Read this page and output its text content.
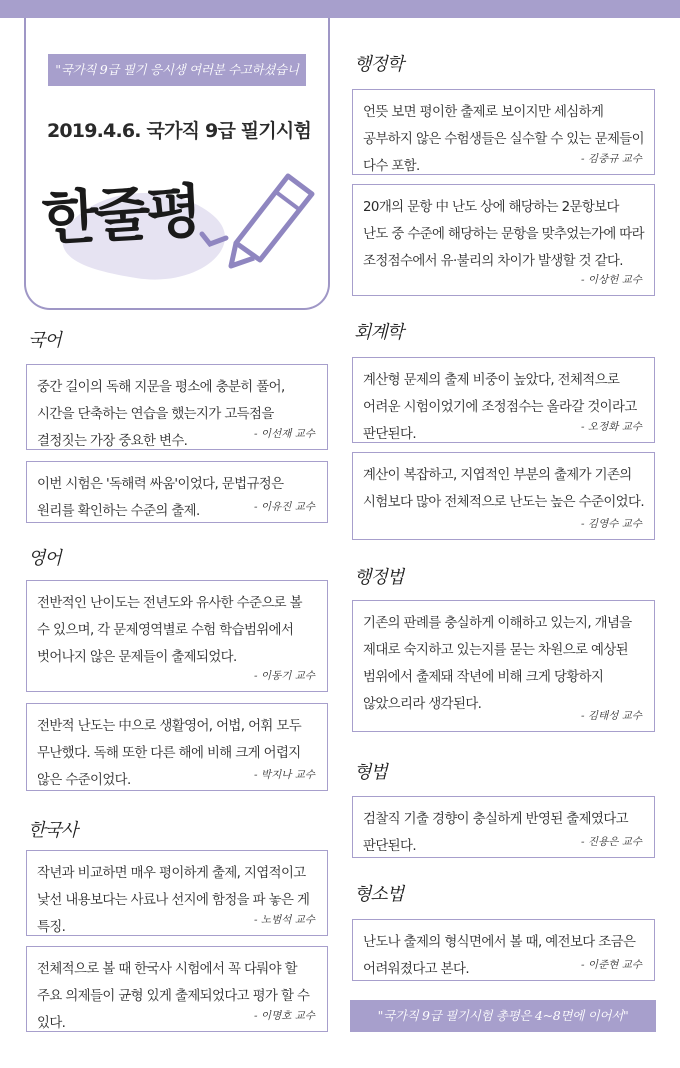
"국가직 9급 필기 응시생 여러분 수고하셨습니다!"
2019.4.6. 국가직 9급 필기시험
한줄평
국어
중간 길이의 독해 지문을 평소에 충분히 풀어, 시간을 단축하는 연습을 했는지가 고득점을 결정짓는 가장 중요한 변수.	- 이선재 교수
이번 시험은 '독해력 싸움'이었다, 문법규정은 원리를 확인하는 수준의 출제.	- 이유진 교수
영어
전반적인 난이도는 전년도와 유사한 수준으로 볼 수 있으며, 각 문제영역별로 수험 학습범위에서 벗어나지 않은 문제들이 출제되었다.
- 이동기 교수
전반적 난도는 中으로 생활영어, 어법, 어휘 모두 무난했다. 독해 또한 다른 해에 비해 크게 어렵지 않은 수준이었다.	- 박지나 교수
한국사
작년과 비교하면 매우 평이하게 출제, 지엽적이고 낯선 내용보다는 사료나 선지에 함정을 파 놓은 게 특징.	- 노범석 교수
전체적으로 볼 때 한국사 시험에서 꼭 다뤄야 할 주요 의제들이 균형 있게 출제되었다고 평가 할 수 있다.	- 이명호 교수
행정학
언뜻 보면 평이한 출제로 보이지만 세심하게 공부하지 않은 수험생들은 실수할 수 있는 문제들이 다수 포함.	- 김중규 교수
20개의 문항 中 난도 상에 해당하는 2문항보다 난도 중 수준에 해당하는 문항을 맞추었는가에 따라 조정점수에서 유·불리의 차이가 발생할 것 같다.
- 이상헌 교수
회계학
계산형 문제의 출제 비중이 높았다, 전체적으로 어려운 시험이었기에 조정점수는 올라갈 것이라고 판단된다.	- 오정화 교수
계산이 복잡하고, 지엽적인 부분의 출제가 기존의 시험보다 많아 전체적으로 난도는 높은 수준이었다.
- 김영수 교수
행정법
기존의 판례를 충실하게 이해하고 있는지, 개념을 제대로 숙지하고 있는지를 묻는 차원으로 예상된 범위에서 출제돼 작년에 비해 크게 당황하지 않았으리라 생각된다.
- 김태성 교수
형법
검찰직 기출 경향이 충실하게 반영된 출제였다고 판단된다.	- 진용은 교수
형소법
난도나 출제의 형식면에서 볼 때, 예전보다 조금은 어려워졌다고 본다.	- 이준현 교수
"국가직 9급 필기시험 총평은 4~8면에 이어서"
